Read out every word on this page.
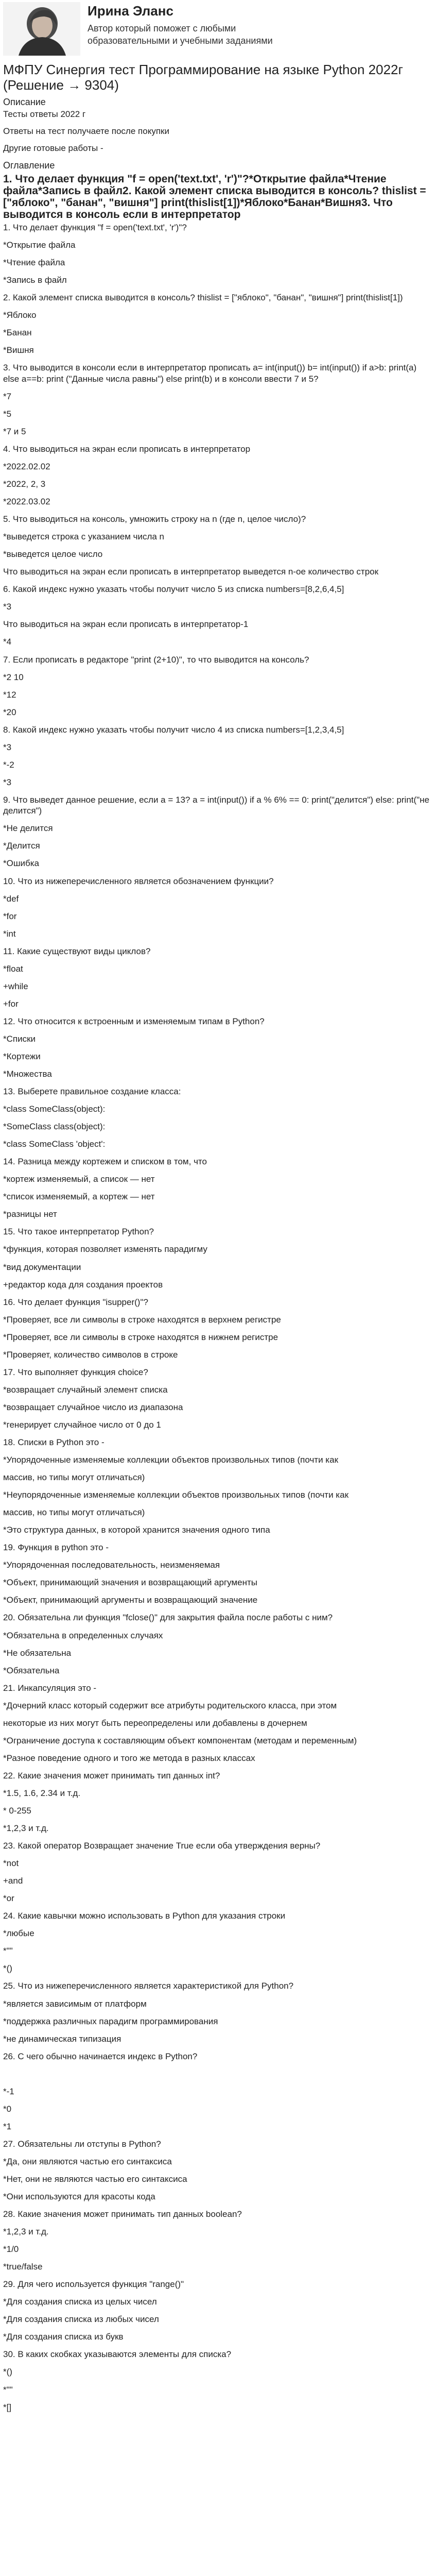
Ирина Эланс
Автор который поможет с любыми образовательными и учебными заданиями
МФПУ Синергия тест Программирование на языке Python 2022г (Решение → 9304)
Описание
Тесты ответы 2022 г
Ответы на тест получаете после покупки
Другие готовые работы -
Оглавление
1. Что делает функция "f = open('text.txt', 'r')"?*Открытие файла*Чтение файла*Запись в файл2. Какой элемент списка выводится в консоль? thislist = ["яблоко", "банан", "вишня"] print(thislist[1])*Яблоко*Банан*Вишня3. Что выводится в консоль если в интерпретатор
1. Что делает функция "f = open('text.txt', 'r')"?
*Открытие файла
*Чтение файла
*Запись в файл
2. Какой элемент списка выводится в консоль? thislist = ["яблоко", "банан", "вишня"] print(thislist[1])
*Яблоко
*Банан
*Вишня
3. Что выводится в консоли если в интерпретатор прописать a= int(input()) b= int(input()) if a>b: print(a) else a==b: print ("Данные числа равны") else print(b) и в консоли ввести 7 и 5?
*7
*5
*7 и 5
4. Что выводиться на экран если прописать в интерпретатор
*2022.02.02
*2022, 2, 3
*2022.03.02
5. Что выводиться на консоль, умножить строку на n (где n, целое число)?
*выведется строка с указанием числа n
*выведется целое число
Что выводиться на экран если прописать в интерпретатор выведется n-ое количество строк
6. Какой индекс нужно указать чтобы получит число 5 из списка numbers=[8,2,6,4,5]
*3
Что выводиться на экран если прописать в интерпретатор-1
*4
7. Если прописать в редакторе "print (2+10)", то что выводится на консоль?
*2 10
*12
*20
8. Какой индекс нужно указать чтобы получит число 4 из списка numbers=[1,2,3,4,5]
*3
*-2
*3
9. Что выведет данное решение, если a = 13? a = int(input()) if a % 6% == 0: print("делится") else: print("не делится")
*Не делится
*Делится
*Ошибка
10. Что из нижеперечисленного является обозначением функции?
*def
*for
*int
11. Какие существуют виды циклов?
*float
+while
+for
12. Что относится к встроенным и изменяемым типам в Python?
*Списки
*Кортежи
*Множества
13. Выберете правильное создание класса:
*class SomeClass(object):
*SomeClass class(object):
*class SomeClass 'object':
14. Разница между кортежем и списком в том, что
*кортеж изменяемый, а список — нет
*список изменяемый, а кортеж — нет
*разницы нет
15. Что такое интерпретатор Python?
*функция, которая позволяет изменять парадигму
*вид документации
+редактор кода для создания проектов
16. Что делает функция "isupper()"?
*Проверяет, все ли символы в строке находятся в верхнем регистре
*Проверяет, все ли символы в строке находятся в нижнем регистре
*Проверяет, количество символов в строке
17. Что выполняет функция choice?
*возвращает случайный элемент списка
*возвращает случайное число из диапазона
*генерирует случайное число от 0 до 1
18. Списки в Python это -
*Упорядоченные изменяемые коллекции объектов произвольных типов (почти как
массив, но типы могут отличаться)
*Неупорядоченные изменяемые коллекции объектов произвольных типов (почти как
массив, но типы могут отличаться)
*Это структура данных, в которой хранится значения одного типа
19. Функция в python это -
*Упорядоченная последовательность, неизменяемая
*Объект, принимающий значения и возвращающий аргументы
*Объект, принимающий аргументы и возвращающий значение
20. Обязательна ли функция "fclose()" для закрытия файла после работы с ним?
*Обязательна в определенных случаях
*Не обязательна
*Обязательна
21. Инкапсуляция это -
*Дочерний класс который содержит все атрибуты родительского класса, при этом
некоторые из них могут быть переопределены или добавлены в дочернем
*Ограничение доступа к составляющим объект компонентам (методам и переменным)
*Разное поведение одного и того же метода в разных классах
22. Какие значения может принимать тип данных int?
*1.5, 1.6, 2.34 и т.д.
* 0-255
*1,2,3 и т.д.
23. Какой оператор Возвращает значение True если оба утверждения верны?
*not
+and
*or
24. Какие кавычки можно использовать в Python для указания строки
*любые
*""
*()
25. Что из нижеперечисленного является характеристикой для Python?
*является зависимым от платформ
*поддержка различных парадигм программирования
*не динамическая типизация
26. С чего обычно начинается индекс в Python?
*-1
*0
*1
27. Обязательны ли отступы в Python?
*Да, они являются частью его синтаксиса
*Нет, они не являются частью его синтаксиса
*Они используются для красоты кода
28. Какие значения может принимать тип данных boolean?
*1,2,3 и т.д.
*1/0
*true/false
29. Для чего используется функция "range()"
*Для создания списка из целых чисел
*Для создания списка из любых чисел
*Для создания списка из букв
30. В каких скобках указываются элементы для списка?
*()
*""
*[]
